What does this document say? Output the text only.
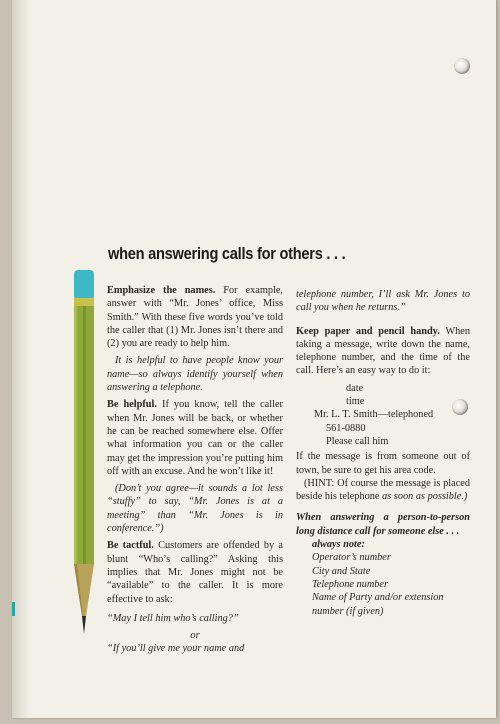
when answering calls for others . . .

Emphasize the names. For example, answer with “Mr. Jones’ office, Miss Smith.” With these five words you’ve told the caller that (1) Mr. Jones isn’t there and (2) you are ready to help him.

It is helpful to have people know your name—so always identify yourself when answering a telephone.

Be helpful. If you know, tell the caller when Mr. Jones will be back, or whether he can be reached somewhere else. Offer what information you can or the caller may get the impression you’re putting him off with an excuse. And he won’t like it!

(Don’t you agree—it sounds a lot less “stuffy” to say, “Mr. Jones is at a meeting” than “Mr. Jones is in conference.”)

Be tactful. Customers are offended by a blunt “Who’s calling?” Asking this implies that Mr. Jones might not be “available” to the caller. It is more effective to ask:

“May I tell him who’s calling?”

or

“If you’ll give me your name and

telephone number, I’ll ask Mr. Jones to call you when he returns.”

Keep paper and pencil handy. When taking a message, write down the name, telephone number, and the time of the call. Here’s an easy way to do it:

date
time
Mr. L. T. Smith—telephoned
561-0880
Please call him

If the message is from someone out of town, be sure to get his area code.

(HINT: Of course the message is placed beside his telephone as soon as possible.)

When answering a person-to-person long distance call for someone else . . .

always note:

Operator’s number

City and State

Telephone number

Name of Party and/or extension number (if given)
